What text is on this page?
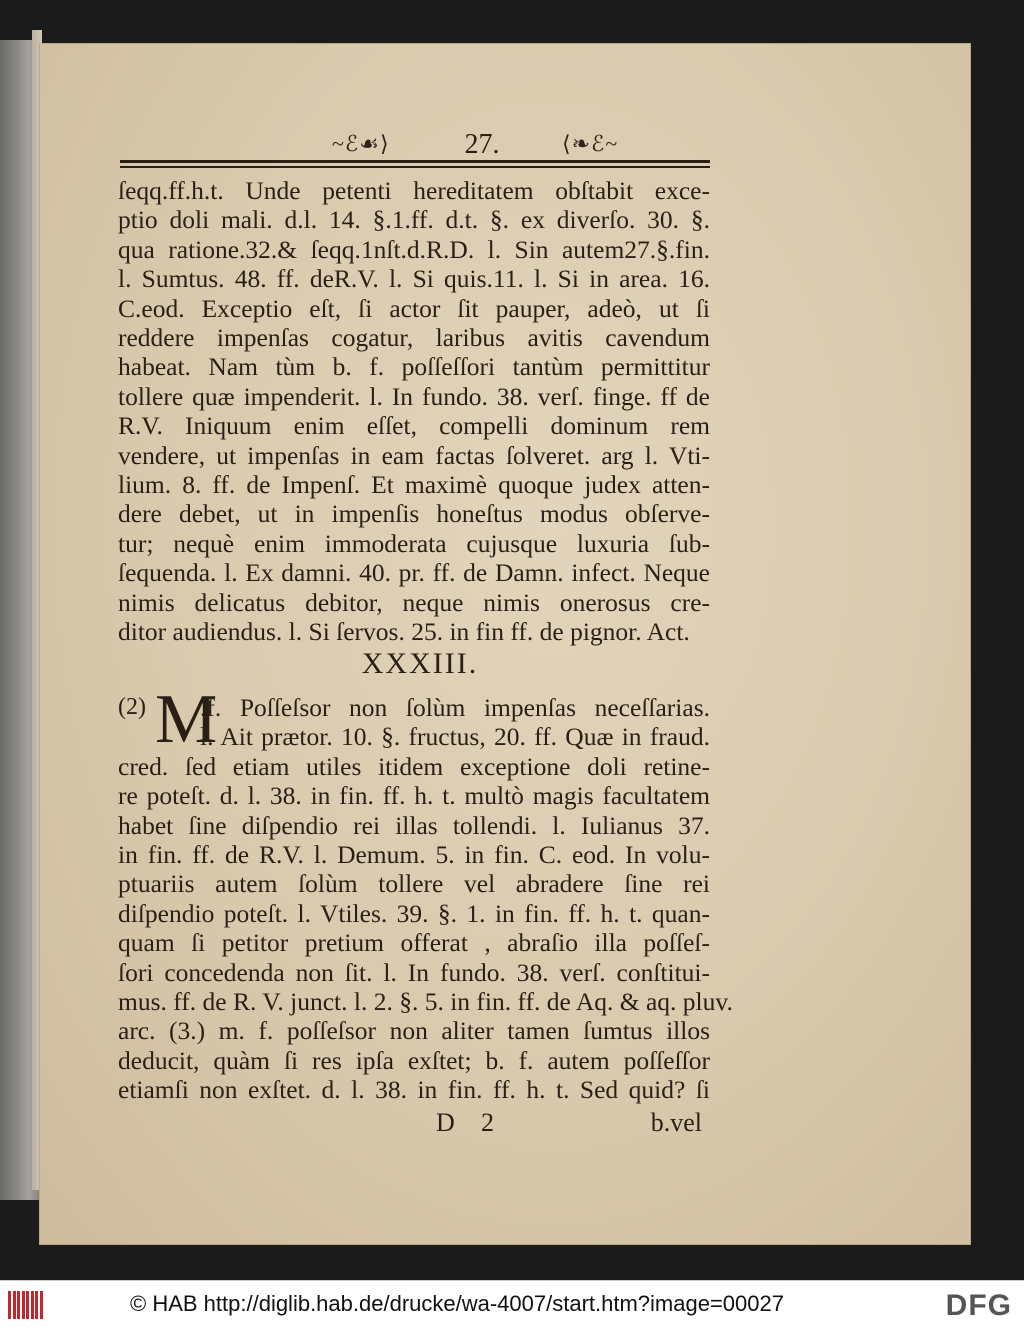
~ℰ☙⟩	27.	⟨❧ℰ~
ſeqq.ff.h.t. Unde petenti hereditatem obſtabit exce-
ptio doli mali. d.l. 14. §.1.ff. d.t. §. ex diverſo. 30. §.
qua ratione.32.& ſeqq.1nſt.d.R.D. l. Sin autem27.§.fin.
l. Sumtus. 48. ff. deR.V. l. Si quis.11. l. Si in area. 16.
C.eod. Exceptio eſt, ſi actor ſit pauper, adeò, ut ſi
reddere impenſas cogatur, laribus avitis cavendum
habeat. Nam tùm b. f. poſſeſſori tantùm permittitur
tollere quæ impenderit. l. In fundo. 38. verſ. finge. ff de
R.V. Iniquum enim eſſet, compelli dominum rem
vendere, ut impenſas in eam factas ſolveret. arg l. Vti-
lium. 8. ff. de Impenſ. Et maximè quoque judex atten-
dere debet, ut in impenſis honeſtus modus obſerve-
tur; nequè enim immoderata cujusque luxuria ſub-
ſequenda. l. Ex damni. 40. pr. ff. de Damn. infect. Neque
nimis delicatus debitor, neque nimis onerosus cre-
ditor audiendus. l. Si ſervos. 25. in fin ff. de pignor. Act.
XXXIII.
M
(2) .f. Poſſeſsor non ſolùm impenſas neceſſarias.
l. Ait prætor. 10. §. fructus, 20. ff. Quæ in fraud.
cred. ſed etiam utiles itidem exceptione doli retine-
re poteſt. d. l. 38. in fin. ff. h. t. multò magis facultatem
habet ſine diſpendio rei illas tollendi. l. Iulianus 37.
in fin. ff. de R.V. l. Demum. 5. in fin. C. eod. In volu-
ptuariis autem ſolùm tollere vel abradere ſine rei
diſpendio poteſt. l. Vtiles. 39. §. 1. in fin. ff. h. t. quan-
quam ſi petitor pretium offerat , abraſio illa poſſeſ-
ſori concedenda non ſit. l. In fundo. 38. verſ. conſtitui-
mus. ff. de R. V. junct. l. 2. §. 5. in fin. ff. de Aq. & aq. pluv.
arc. (3.) m. f. poſſeſsor non aliter tamen ſumtus illos
deducit, quàm ſi res ipſa exſtet; b. f. autem poſſeſſor
etiamſi non exſtet. d. l. 38. in fin. ff. h. t. Sed quid? ſi
D 2	b.vel
© HAB http://diglib.hab.de/drucke/wa-4007/start.htm?image=00027	DFG
